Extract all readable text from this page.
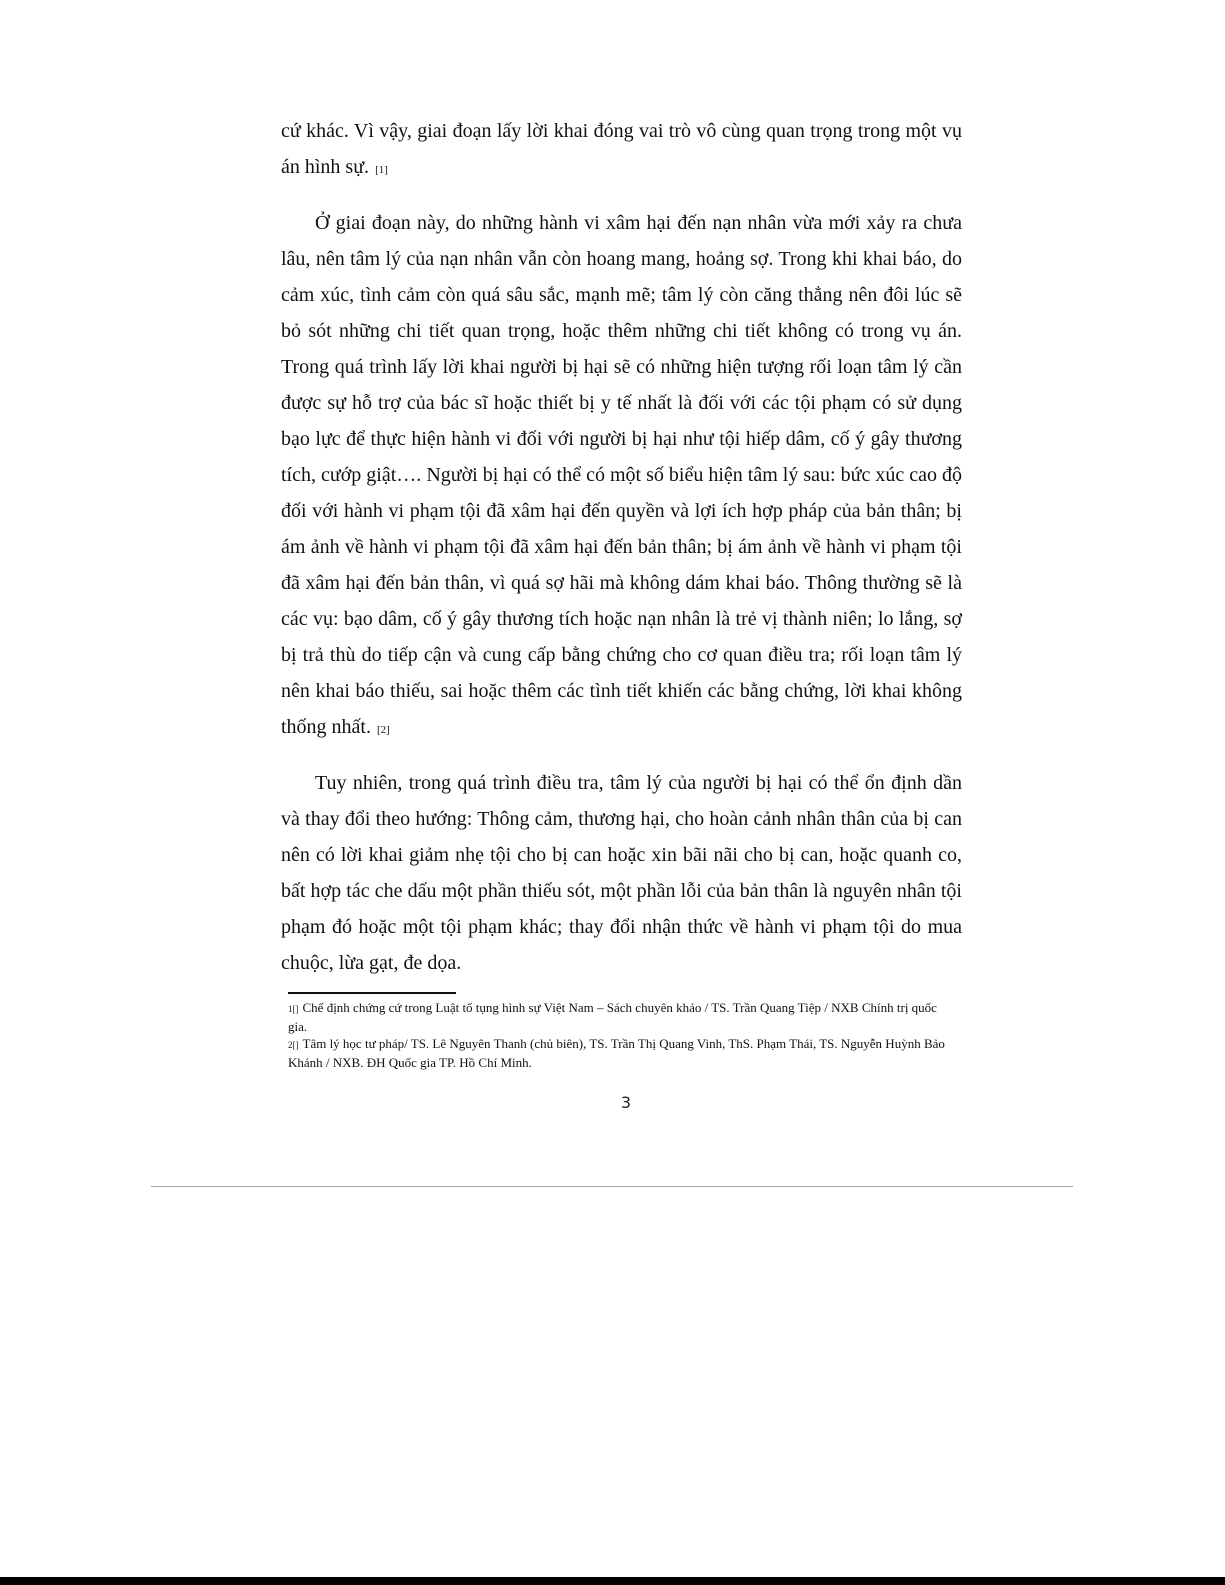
cứ khác. Vì vậy, giai đoạn lấy lời khai đóng vai trò vô cùng quan trọng trong một vụ án hình sự. [1]

Ở giai đoạn này, do những hành vi xâm hại đến nạn nhân vừa mới xảy ra chưa lâu, nên tâm lý của nạn nhân vẫn còn hoang mang, hoảng sợ. Trong khi khai báo, do cảm xúc, tình cảm còn quá sâu sắc, mạnh mẽ; tâm lý còn căng thẳng nên đôi lúc sẽ bỏ sót những chi tiết quan trọng, hoặc thêm những chi tiết không có trong vụ án. Trong quá trình lấy lời khai người bị hại sẽ có những hiện tượng rối loạn tâm lý cần được sự hỗ trợ của bác sĩ hoặc thiết bị y tế nhất là đối với các tội phạm có sử dụng bạo lực để thực hiện hành vi đối với người bị hại như tội hiếp dâm, cố ý gây thương tích, cướp giật…. Người bị hại có thể có một số biểu hiện tâm lý sau: bức xúc cao độ đối với hành vi phạm tội đã xâm hại đến quyền và lợi ích hợp pháp của bản thân; bị ám ảnh về hành vi phạm tội đã xâm hại đến bản thân; bị ám ảnh về hành vi phạm tội đã xâm hại đến bản thân, vì quá sợ hãi mà không dám khai báo. Thông thường sẽ là các vụ: bạo dâm, cố ý gây thương tích hoặc nạn nhân là trẻ vị thành niên; lo lắng, sợ bị trả thù do tiếp cận và cung cấp bằng chứng cho cơ quan điều tra; rối loạn tâm lý nên khai báo thiếu, sai hoặc thêm các tình tiết khiến các bằng chứng, lời khai không thống nhất. [2]

Tuy nhiên, trong quá trình điều tra, tâm lý của người bị hại có thể ổn định dần và thay đổi theo hướng: Thông cảm, thương hại, cho hoàn cảnh nhân thân của bị can nên có lời khai giảm nhẹ tội cho bị can hoặc xin bãi nãi cho bị can, hoặc quanh co, bất hợp tác che dấu một phần thiếu sót, một phần lỗi của bản thân là nguyên nhân tội phạm đó hoặc một tội phạm khác; thay đổi nhận thức về hành vi phạm tội do mua chuộc, lừa gạt, đe dọa.

1[] Chế định chứng cứ trong Luật tố tụng hình sự Việt Nam – Sách chuyên khảo / TS. Trần Quang Tiệp / NXB Chính trị quốc gia.

2[] Tâm lý học tư pháp/ TS. Lê Nguyên Thanh (chủ biên), TS. Trần Thị Quang Vinh, ThS. Phạm Thái, TS. Nguyễn Huỳnh Bảo Khánh / NXB. ĐH Quốc gia TP. Hồ Chí Minh.

3
